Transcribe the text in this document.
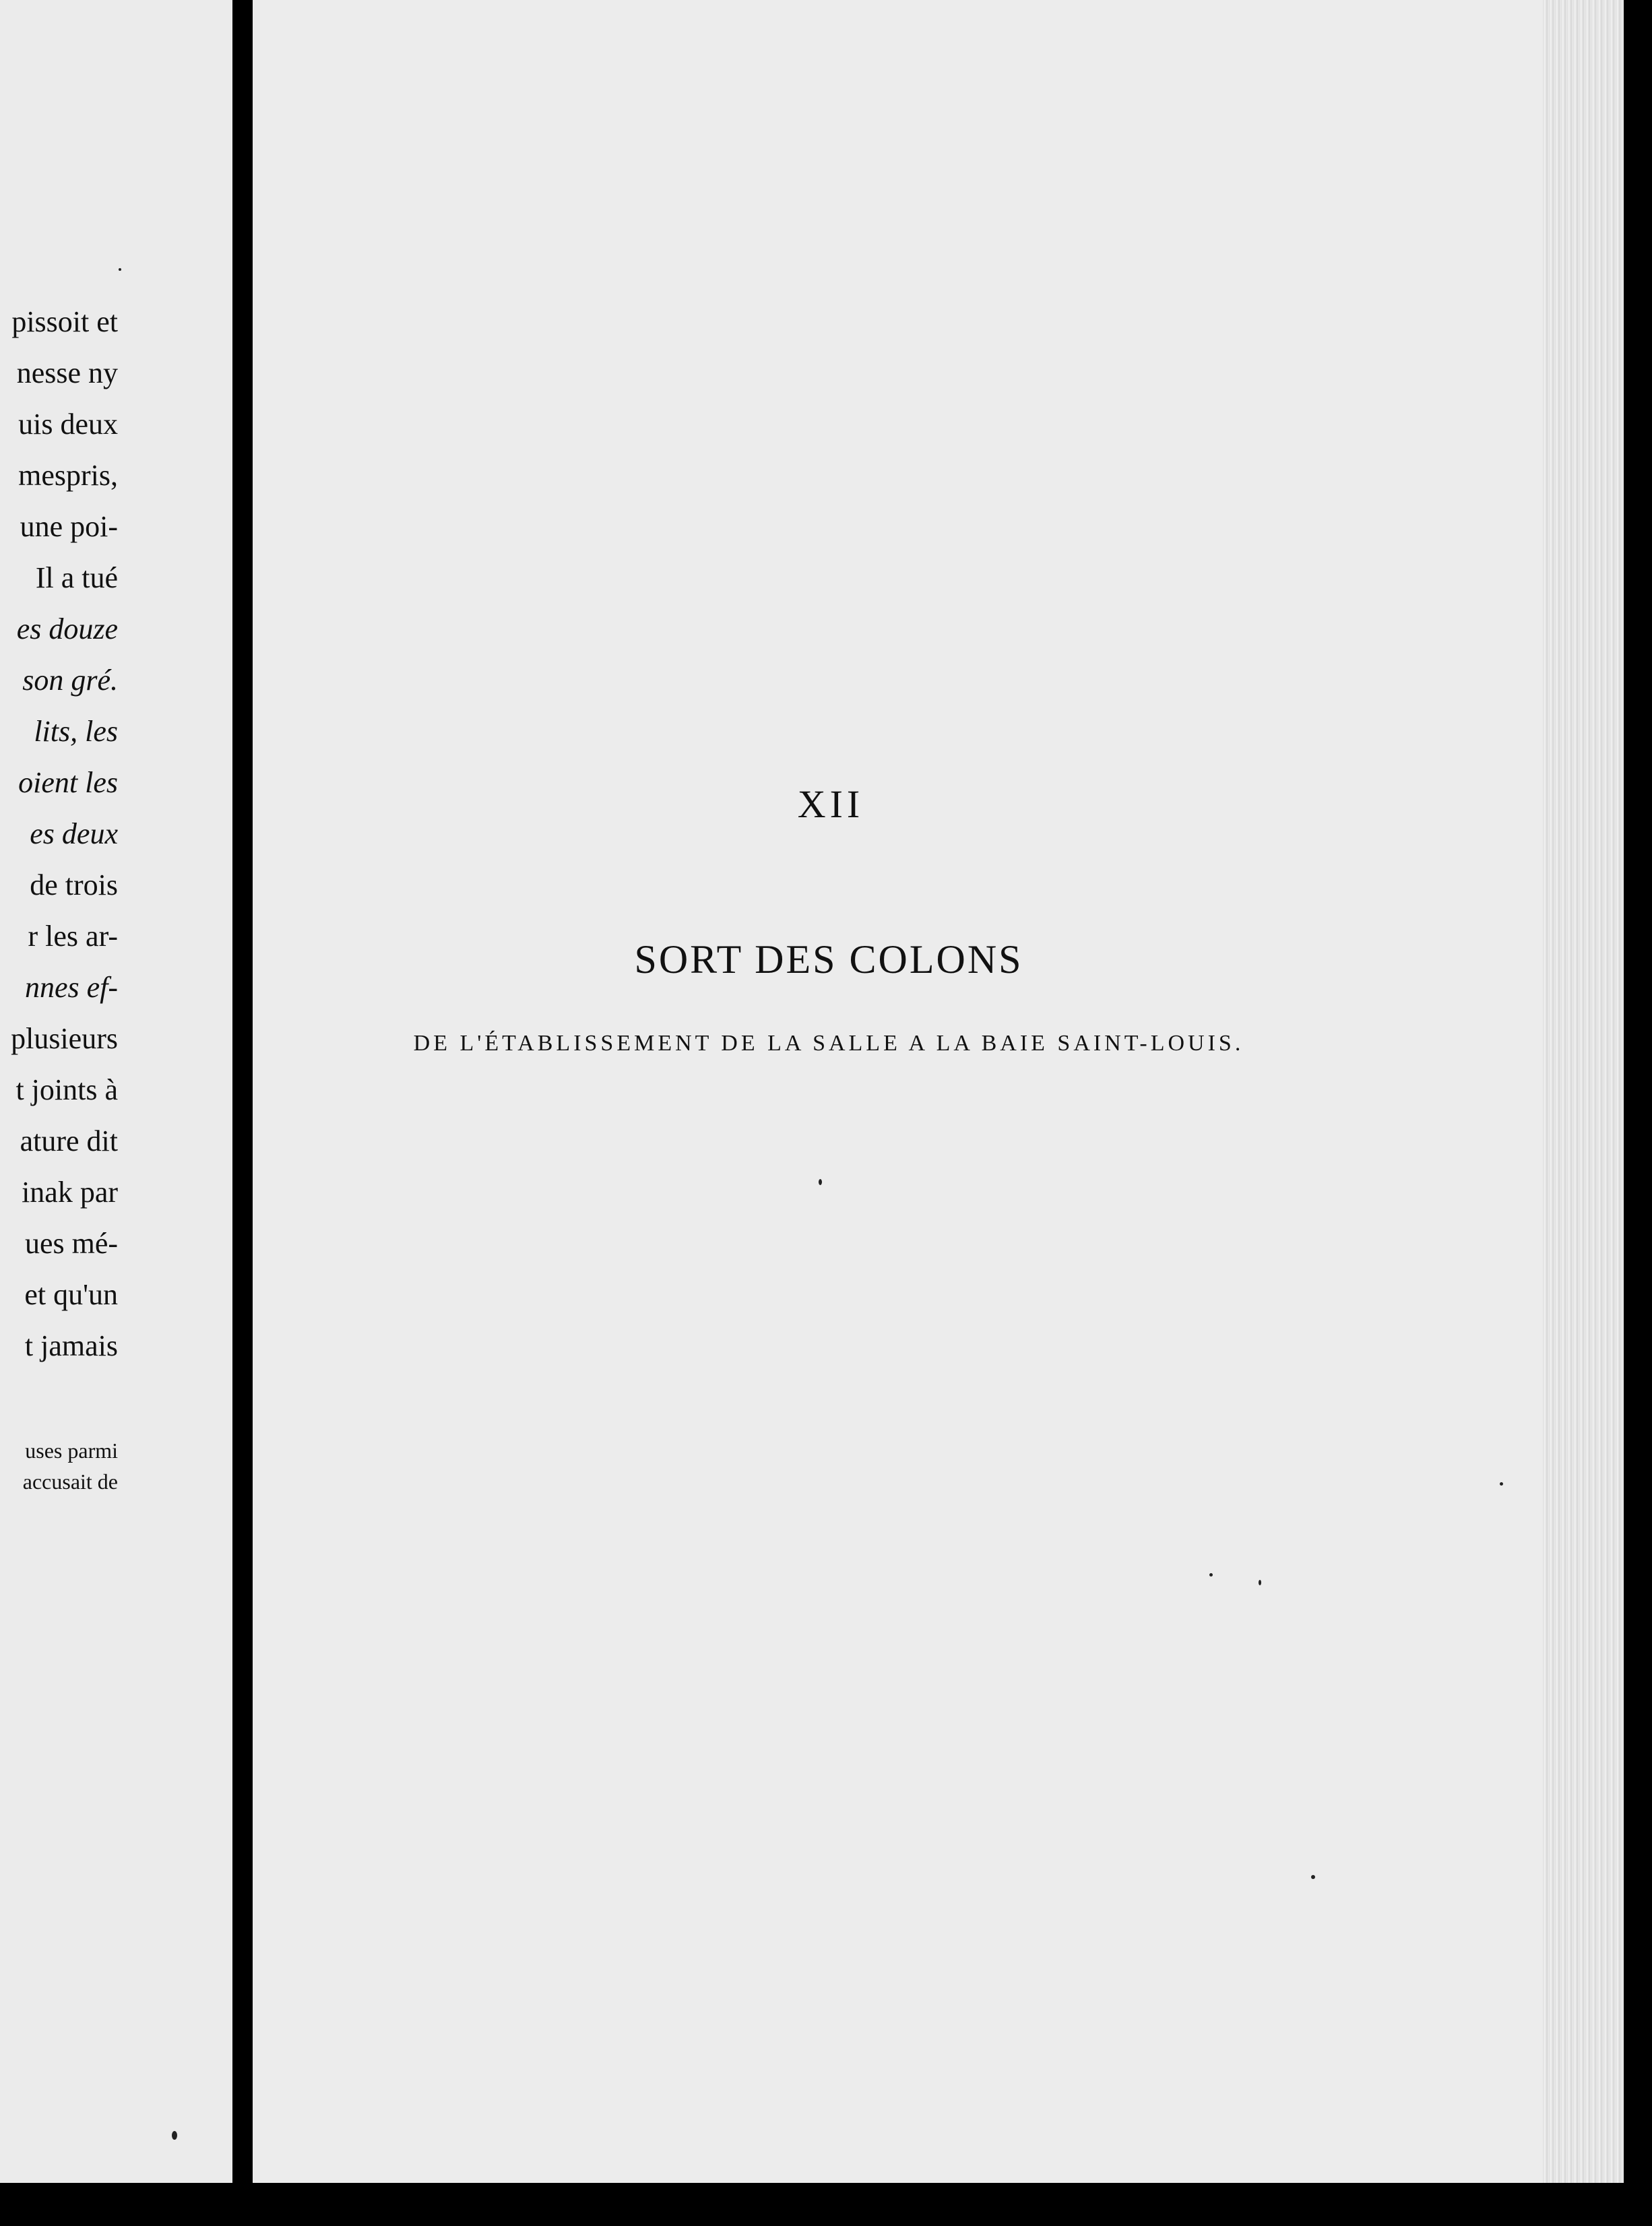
pissoit et
nesse ny
uis deux
mespris,
une poi-
Il a tué
es douze
son gré.
lits, les
oient les
es deux
de trois
r les ar-
nnes ef-
plusieurs
t joints à
ature dit
inak par
ues mé-
et qu'un
t jamais
uses parmi
accusait de
XII
SORT DES COLONS
DE L'ÉTABLISSEMENT DE LA SALLE A LA BAIE SAINT-LOUIS.
